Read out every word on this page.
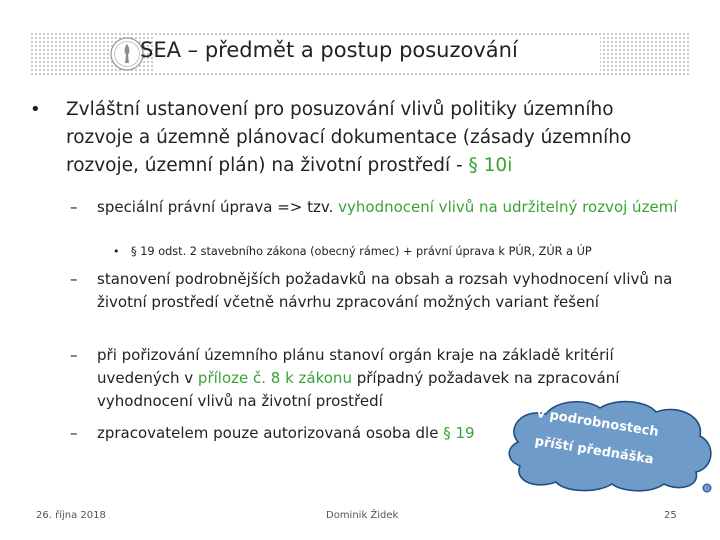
SEA – předmět a postup posuzování
• Zvláštní ustanovení pro posuzování vlivů politiky územního rozvoje a územně plánovací dokumentace (zásady územního rozvoje, územní plán) na životní prostředí - § 10i
– speciální právní úprava => tzv. vyhodnocení vlivů na udržitelný rozvoj území
• § 19 odst. 2 stavebního zákona (obecný rámec) + právní úprava k PÚR, ZÚR a ÚP
– stanovení podrobnějších požadavků na obsah a rozsah vyhodnocení vlivů na životní prostředí včetně návrhu zpracování možných variant řešení
– při pořizování územního plánu stanoví orgán kraje na základě kritérií uvedených v příloze č. 8 k zákonu případný požadavek na zpracování vyhodnocení vlivů na životní prostředí
– zpracovatelem pouze autorizovaná osoba dle § 19	v podrobnostech
příští přednáška
26. října 2018	Dominik Židek	25
